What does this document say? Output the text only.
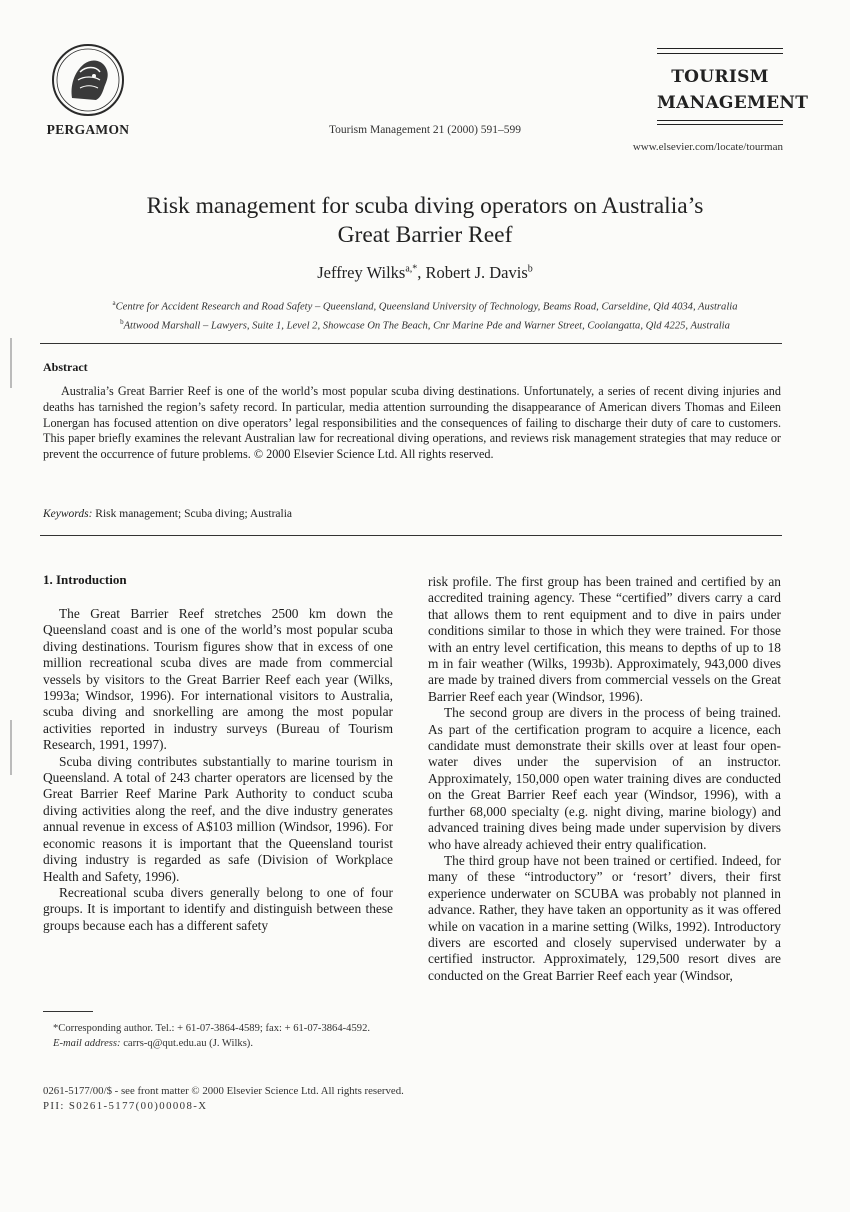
PERGAMON	Tourism Management 21 (2000) 591–599
TOURISM
MANAGEMENT
www.elsevier.com/locate/tourman
Risk management for scuba diving operators on Australia’s
Great Barrier Reef
Jeffrey Wilks$^{a,*}$, Robert J. Davis$^b$
$^a$Centre for Accident Research and Road Safety – Queensland, Queensland University of Technology, Beams Road, Carseldine, Qld 4034, Australia
$^b$Attwood Marshall – Lawyers, Suite 1, Level 2, Showcase On The Beach, Cnr Marine Pde and Warner Street, Coolangatta, Qld 4225, Australia
Abstract
Australia’s Great Barrier Reef is one of the world’s most popular scuba diving destinations. Unfortunately, a series of recent diving injuries and deaths has tarnished the region’s safety record. In particular, media attention surrounding the disappearance of American divers Thomas and Eileen Lonergan has focused attention on dive operators’ legal responsibilities and the consequences of failing to discharge their duty of care to customers. This paper briefly examines the relevant Australian law for recreational diving operations, and reviews risk management strategies that may reduce or prevent the occurrence of future problems. © 2000 Elsevier Science Ltd. All rights reserved.
Keywords: Risk management; Scuba diving; Australia
1. Introduction

The Great Barrier Reef stretches 2500 km down the Queensland coast and is one of the world’s most popular scuba diving destinations. Tourism figures show that in excess of one million recreational scuba dives are made from commercial vessels by visitors to the Great Barrier Reef each year (Wilks, 1993a; Windsor, 1996). For international visitors to Australia, scuba diving and snorkelling are among the most popular activities reported in industry surveys (Bureau of Tourism Research, 1991, 1997).

Scuba diving contributes substantially to marine tourism in Queensland. A total of 243 charter operators are licensed by the Great Barrier Reef Marine Park Authority to conduct scuba diving activities along the reef, and the dive industry generates annual revenue in excess of A$103 million (Windsor, 1996). For economic reasons it is important that the Queensland tourist diving industry is regarded as safe (Division of Workplace Health and Safety, 1996).

Recreational scuba divers generally belong to one of four groups. It is important to identify and distinguish between these groups because each has a different safety

risk profile. The first group has been trained and certified by an accredited training agency. These “certified” divers carry a card that allows them to rent equipment and to dive in pairs under conditions similar to those in which they were trained. For those with an entry level certification, this means to depths of up to 18 m in fair weather (Wilks, 1993b). Approximately, 943,000 dives are made by trained divers from commercial vessels on the Great Barrier Reef each year (Windsor, 1996).

The second group are divers in the process of being trained. As part of the certification program to acquire a licence, each candidate must demonstrate their skills over at least four open-water dives under the supervision of an instructor. Approximately, 150,000 open water training dives are conducted on the Great Barrier Reef each year (Windsor, 1996), with a further 68,000 specialty (e.g. night diving, marine biology) and advanced training dives being made under supervision by divers who have already achieved their entry qualification.

The third group have not been trained or certified. Indeed, for many of these “introductory” or ‘resort’ divers, their first experience underwater on SCUBA was probably not planned in advance. Rather, they have taken an opportunity as it was offered while on vacation in a marine setting (Wilks, 1992). Introductory divers are escorted and closely supervised underwater by a certified instructor. Approximately, 129,500 resort dives are conducted on the Great Barrier Reef each year (Windsor,

*Corresponding author. Tel.: + 61-07-3864-4589; fax: + 61-07-3864-4592.
E-mail address: carrs-q@qut.edu.au (J. Wilks).
0261-5177/00/$ - see front matter © 2000 Elsevier Science Ltd. All rights reserved.
PII: S0261-5177(00)00008-X
